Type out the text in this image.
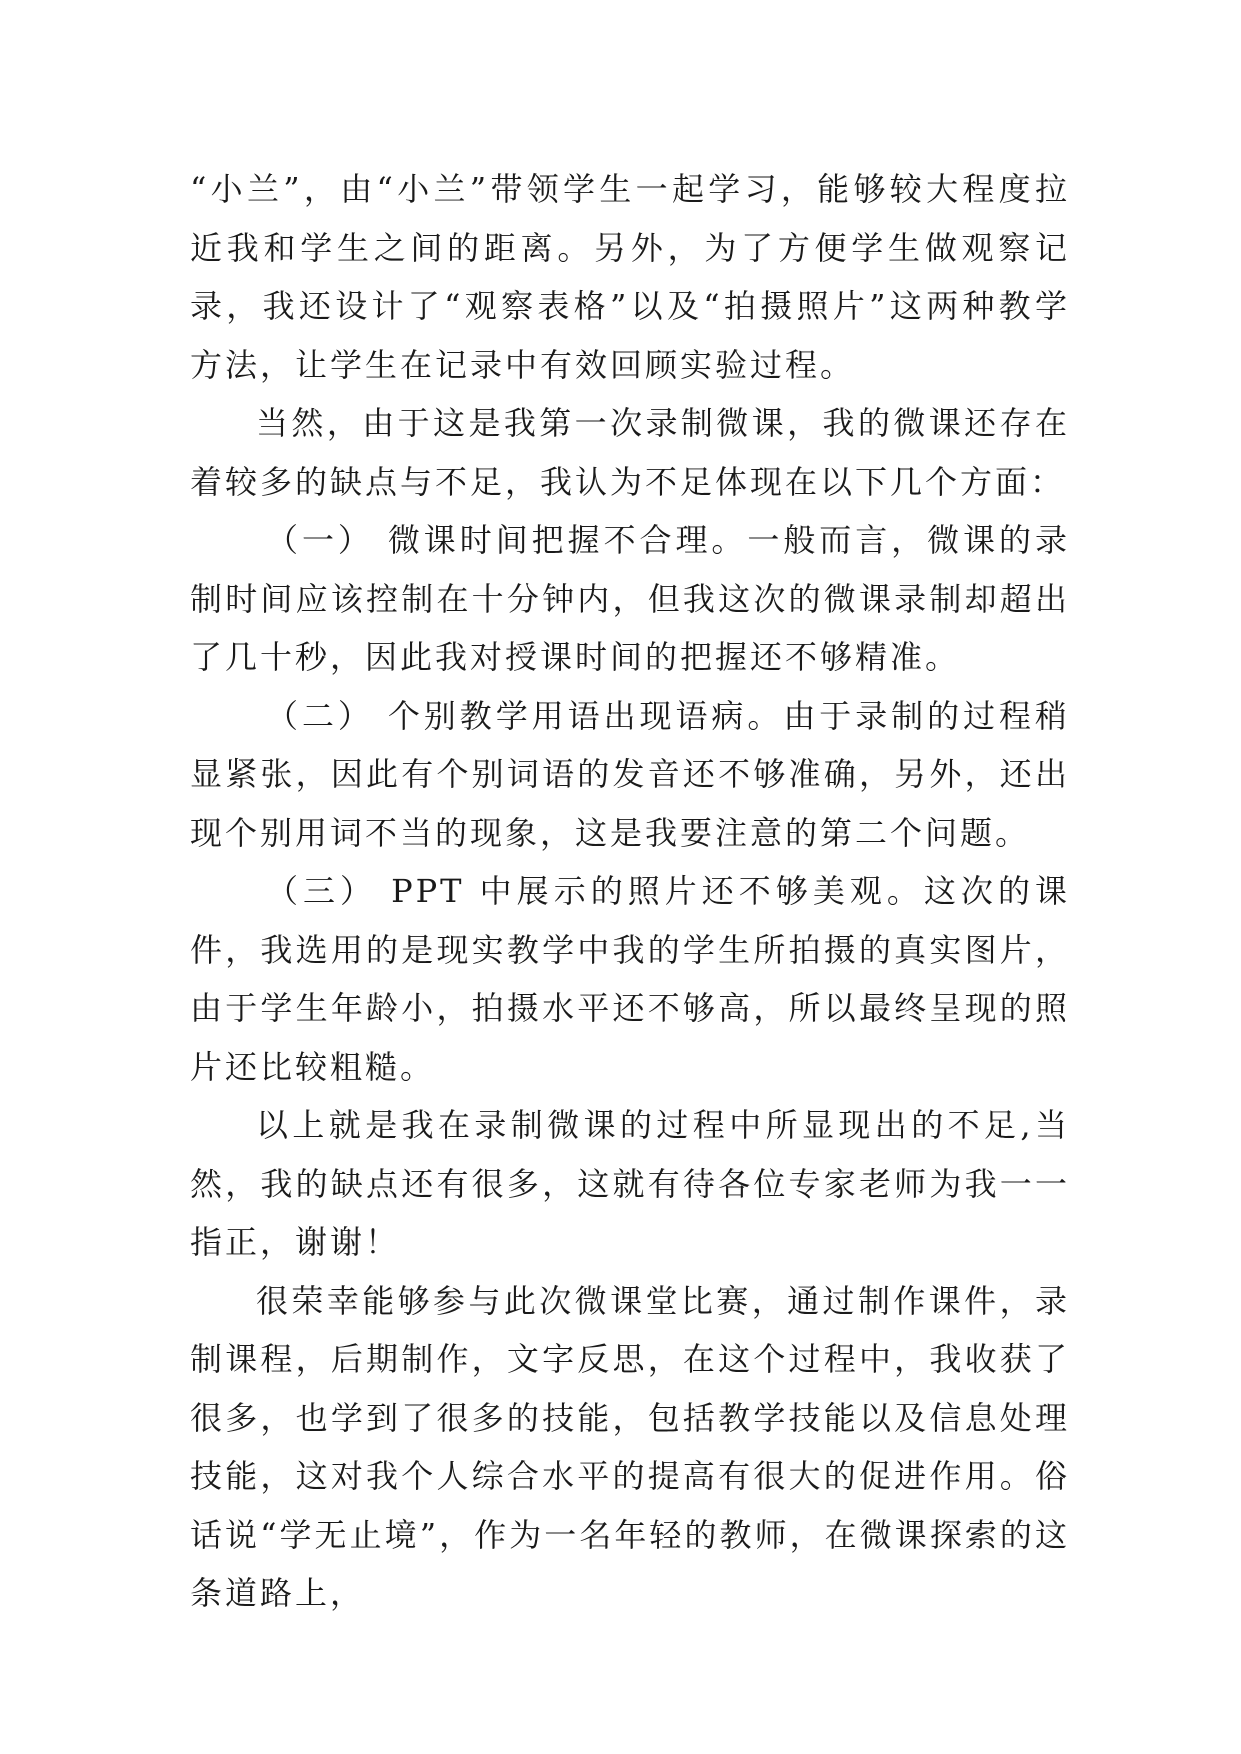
“小兰”，由“小兰”带领学生一起学习，能够较大程度拉近我和学生之间的距离。另外，为了方便学生做观察记录，我还设计了“观察表格”以及“拍摄照片”这两种教学方法，让学生在记录中有效回顾实验过程。

当然，由于这是我第一次录制微课，我的微课还存在着较多的缺点与不足，我认为不足体现在以下几个方面：

（一） 微课时间把握不合理。一般而言，微课的录制时间应该控制在十分钟内，但我这次的微课录制却超出了几十秒，因此我对授课时间的把握还不够精准。

（二） 个别教学用语出现语病。由于录制的过程稍显紧张，因此有个别词语的发音还不够准确，另外，还出现个别用词不当的现象，这是我要注意的第二个问题。

（三） PPT 中展示的照片还不够美观。这次的课件，我选用的是现实教学中我的学生所拍摄的真实图片，由于学生年龄小，拍摄水平还不够高，所以最终呈现的照片还比较粗糙。

以上就是我在录制微课的过程中所显现出的不足,当然，我的缺点还有很多，这就有待各位专家老师为我一一指正，谢谢！

很荣幸能够参与此次微课堂比赛，通过制作课件，录制课程，后期制作，文字反思，在这个过程中，我收获了很多，也学到了很多的技能，包括教学技能以及信息处理技能，这对我个人综合水平的提高有很大的促进作用。俗话说“学无止境”，作为一名年轻的教师，在微课探索的这条道路上，
